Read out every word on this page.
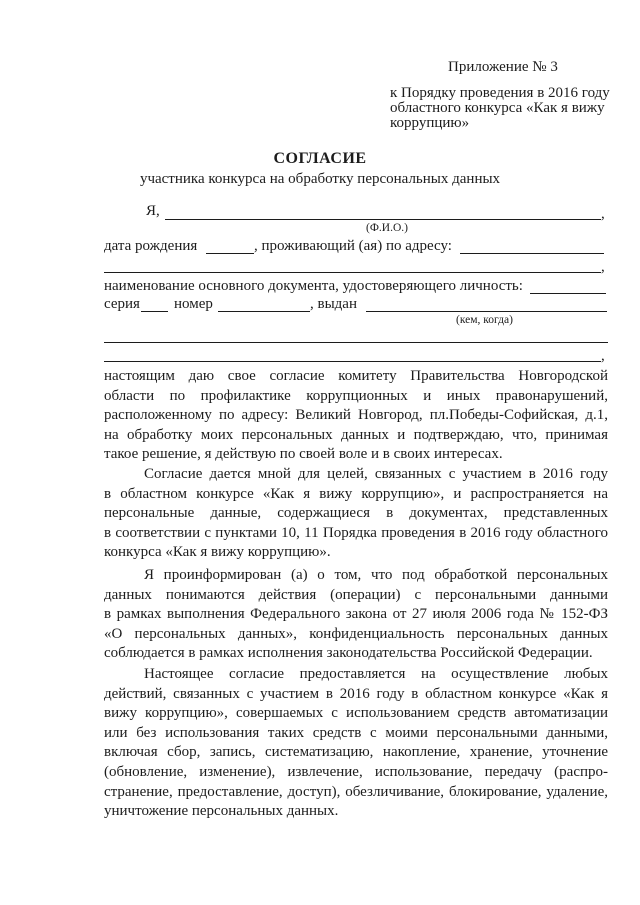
Приложение № 3
к Порядку проведения в 2016 году
областного конкурса «Как я вижу
коррупцию»
СОГЛАСИЕ
участника конкурса на обработку персональных данных
Я,	,
(Ф.И.О.)
дата рождения	, проживающий (ая) по адресу:
,
наименование основного документа, удостоверяющего личность:
серия номер	, выдан
(кем, когда)
,
настоящим даю свое согласие комитету Правительства Новгородской
области по профилактике коррупционных и иных правонарушений,
расположенному по адресу: Великий Новгород, пл.Победы-Софийская, д.1,
на обработку моих персональных данных и подтверждаю, что, принимая
такое решение, я действую по своей воле и в своих интересах.
Согласие дается мной для целей, связанных с участием в 2016 году
в областном конкурсе «Как я вижу коррупцию», и распространяется на
персональные данные, содержащиеся в документах, представленных
в соответствии с пунктами 10, 11 Порядка проведения в 2016 году областного
конкурса «Как я вижу коррупцию».
Я проинформирован (а) о том, что под обработкой персональных
данных понимаются действия (операции) с персональными данными
в рамках выполнения Федерального закона от 27 июля 2006 года № 152-ФЗ
«О персональных данных», конфиденциальность персональных данных
соблюдается в рамках исполнения законодательства Российской Федерации.
Настоящее согласие предоставляется на осуществление любых
действий, связанных с участием в 2016 году в областном конкурсе «Как я
вижу коррупцию», совершаемых с использованием средств автоматизации
или без использования таких средств с моими персональными данными,
включая сбор, запись, систематизацию, накопление, хранение, уточнение
(обновление, изменение), извлечение, использование, передачу (распро-
странение, предоставление, доступ), обезличивание, блокирование, удаление,
уничтожение персональных данных.
